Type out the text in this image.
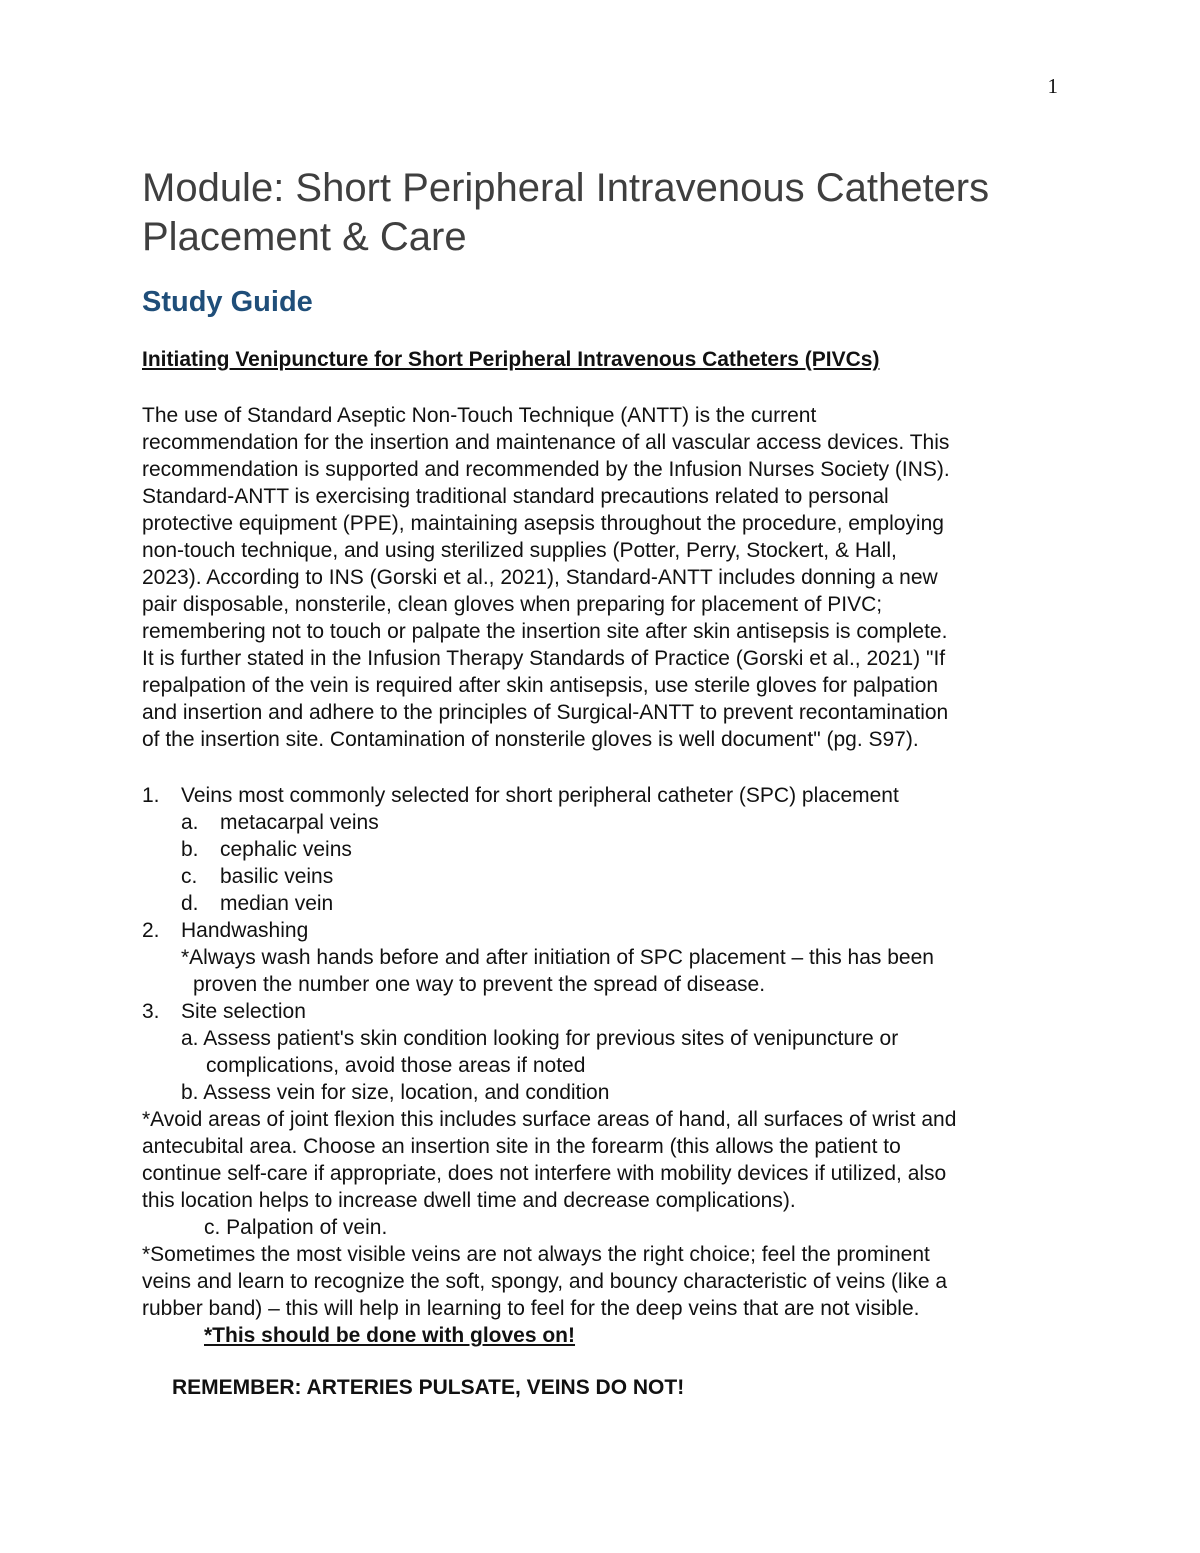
1
Module: Short Peripheral Intravenous Catheters
Placement & Care
Study Guide
Initiating Venipuncture for Short Peripheral Intravenous Catheters (PIVCs)
The use of Standard Aseptic Non-Touch Technique (ANTT) is the current
recommendation for the insertion and maintenance of all vascular access devices. This
recommendation is supported and recommended by the Infusion Nurses Society (INS).
Standard-ANTT is exercising traditional standard precautions related to personal
protective equipment (PPE), maintaining asepsis throughout the procedure, employing
non-touch technique, and using sterilized supplies (Potter, Perry, Stockert, & Hall,
2023). According to INS (Gorski et al., 2021), Standard-ANTT includes donning a new
pair disposable, nonsterile, clean gloves when preparing for placement of PIVC;
remembering not to touch or palpate the insertion site after skin antisepsis is complete.
It is further stated in the Infusion Therapy Standards of Practice (Gorski et al., 2021) "If
repalpation of the vein is required after skin antisepsis, use sterile gloves for palpation
and insertion and adhere to the principles of Surgical-ANTT to prevent recontamination
of the insertion site. Contamination of nonsterile gloves is well document" (pg. S97).
1. Veins most commonly selected for short peripheral catheter (SPC) placement
a. metacarpal veins
b. cephalic veins
c. basilic veins
d. median vein
2. Handwashing
*Always wash hands before and after initiation of SPC placement – this has been
proven the number one way to prevent the spread of disease.
3. Site selection
a. Assess patient's skin condition looking for previous sites of venipuncture or
complications, avoid those areas if noted
b. Assess vein for size, location, and condition
*Avoid areas of joint flexion this includes surface areas of hand, all surfaces of wrist and
antecubital area. Choose an insertion site in the forearm (this allows the patient to
continue self-care if appropriate, does not interfere with mobility devices if utilized, also
this location helps to increase dwell time and decrease complications).
c. Palpation of vein.
*Sometimes the most visible veins are not always the right choice; feel the prominent
veins and learn to recognize the soft, spongy, and bouncy characteristic of veins (like a
rubber band) – this will help in learning to feel for the deep veins that are not visible.
*This should be done with gloves on!
REMEMBER: ARTERIES PULSATE, VEINS DO NOT!
